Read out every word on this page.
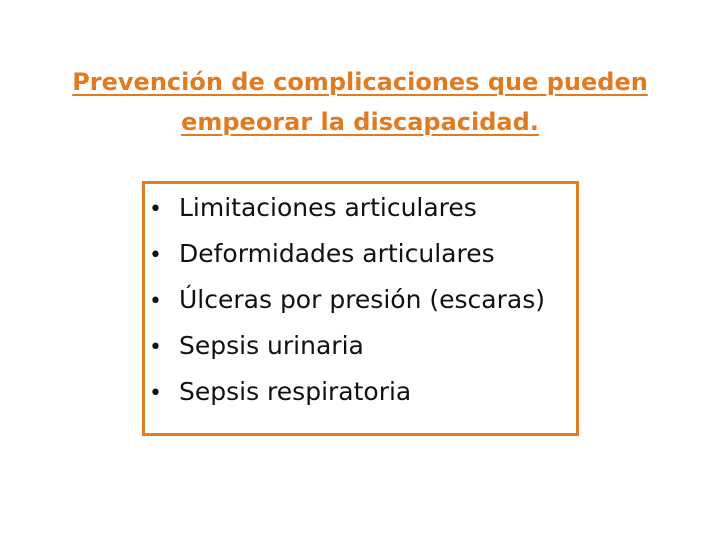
Prevención de complicaciones que pueden
empeorar la discapacidad.
• Limitaciones articulares
• Deformidades articulares
• Úlceras por presión (escaras)
• Sepsis urinaria
• Sepsis respiratoria
